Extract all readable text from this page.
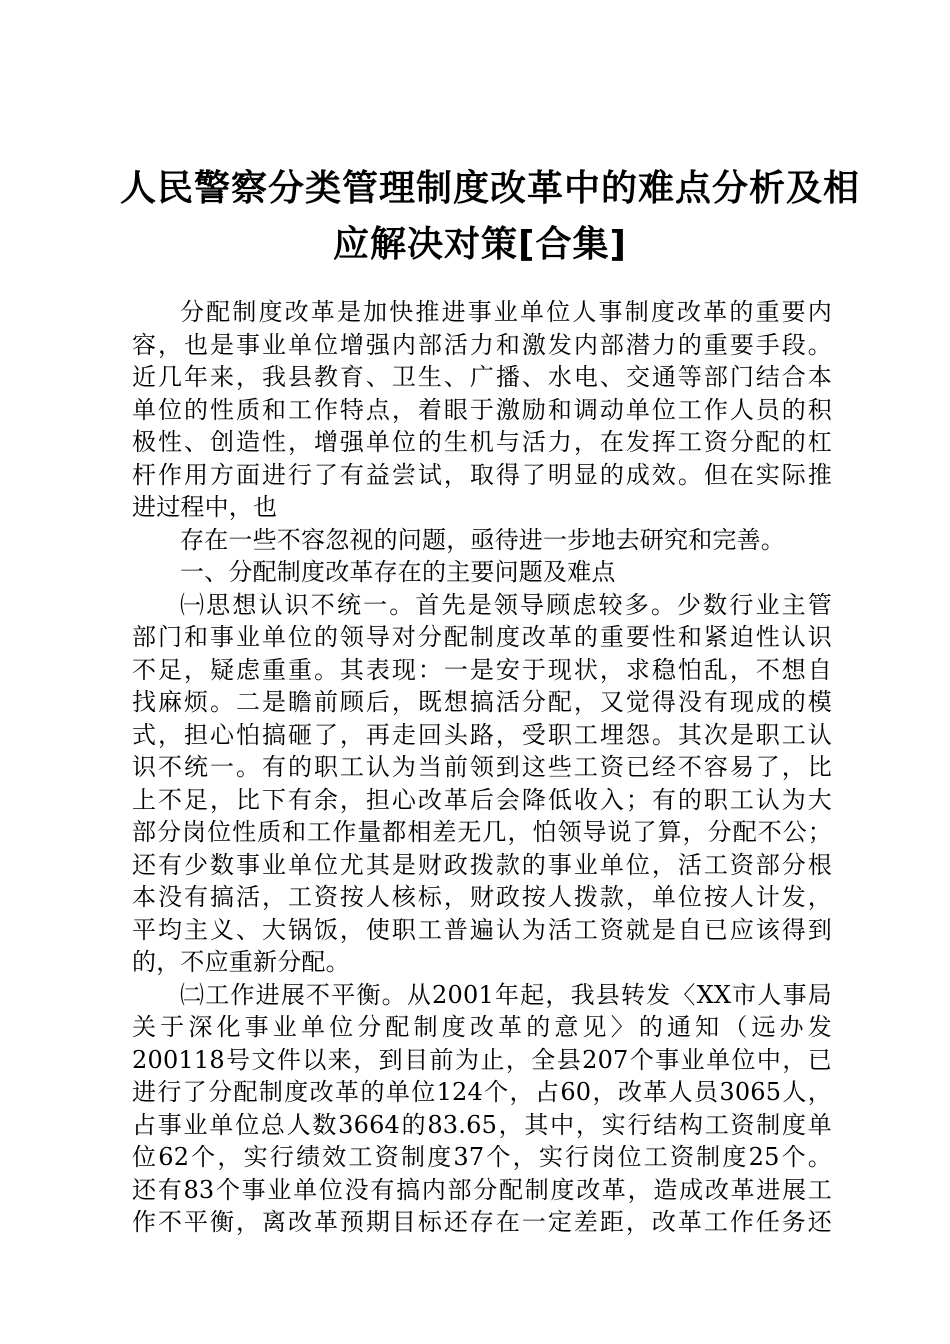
人民警察分类管理制度改革中的难点分析及相
应解决对策[合集]
分配制度改革是加快推进事业单位人事制度改革的重要内
容，也是事业单位增强内部活力和激发内部潜力的重要手段。
近几年来，我县教育、卫生、广播、水电、交通等部门结合本
单位的性质和工作特点，着眼于激励和调动单位工作人员的积
极性、创造性，增强单位的生机与活力，在发挥工资分配的杠
杆作用方面进行了有益尝试，取得了明显的成效。但在实际推
进过程中，也
存在一些不容忽视的问题，亟待进一步地去研究和完善。
一、分配制度改革存在的主要问题及难点
㈠思想认识不统一。首先是领导顾虑较多。少数行业主管
部门和事业单位的领导对分配制度改革的重要性和紧迫性认识
不足，疑虑重重。其表现：一是安于现状，求稳怕乱，不想自
找麻烦。二是瞻前顾后，既想搞活分配，又觉得没有现成的模
式，担心怕搞砸了，再走回头路，受职工埋怨。其次是职工认
识不统一。有的职工认为当前领到这些工资已经不容易了，比
上不足，比下有余，担心改革后会降低收入；有的职工认为大
部分岗位性质和工作量都相差无几，怕领导说了算，分配不公；
还有少数事业单位尤其是财政拨款的事业单位，活工资部分根
本没有搞活，工资按人核标，财政按人拨款，单位按人计发，
平均主义、大锅饭，使职工普遍认为活工资就是自已应该得到
的，不应重新分配。
㈡工作进展不平衡。从2001年起，我县转发〈XX市人事局
关于深化事业单位分配制度改革的意见〉的通知（远办发
200118号文件以来，到目前为止，全县207个事业单位中，已
进行了分配制度改革的单位124个，占60，改革人员3065人，
占事业单位总人数3664的83.65，其中，实行结构工资制度单
位62个，实行绩效工资制度37个，实行岗位工资制度25个。
还有83个事业单位没有搞内部分配制度改革，造成改革进展工
作不平衡，离改革预期目标还存在一定差距，改革工作任务还
